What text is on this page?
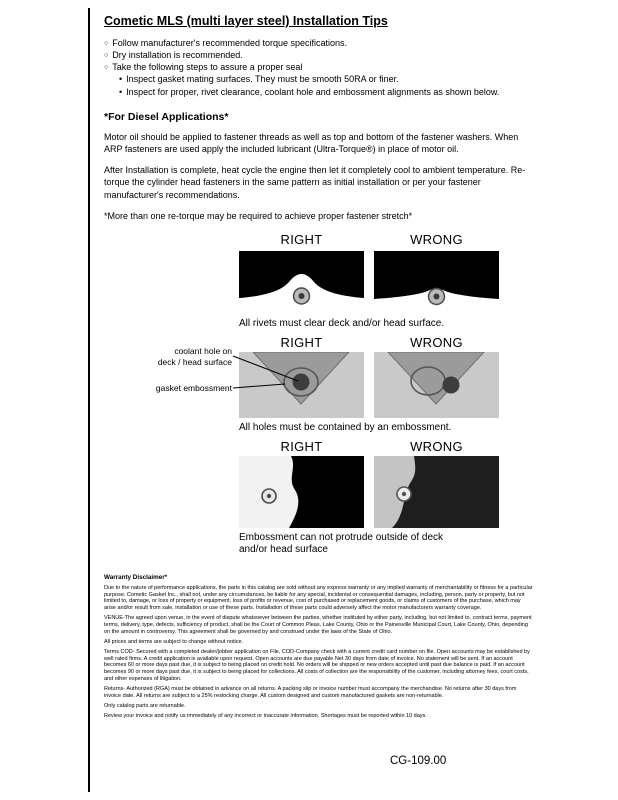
Cometic MLS (multi layer steel) Installation Tips
○ Follow manufacturer's recommended torque specifications.
○ Dry installation is recommended.
○ Take the following steps to assure a proper seal
• Inspect gasket mating surfaces. They must be smooth 50RA or finer.
• Inspect for proper, rivet clearance, coolant hole and embossment alignments as shown below.
*For Diesel Applications*

Motor oil should be applied to fastener threads as well as top and bottom of the fastener washers. When ARP fasteners are used apply the included lubricant (Ultra-Torque®) in place of motor oil.

After Installation is complete, heat cycle the engine then let it completely cool to ambient temperature. Re-torque the cylinder head fasteners in the same pattern as initial installation or per your fastener manufacturer's recommendations.

*More than one re-torque may be required to achieve proper fastener stretch*

RIGHT	WRONG
All rivets must clear deck and/or head surface.
RIGHT	WRONG
coolant hole on
deck / head surface
gasket embossment
All holes must be contained by an embossment.
RIGHT	WRONG
Embossment can not protrude outside of deck and/or head surface
Warranty Disclaimer*

Due to the nature of performance applications, the parts in this catalog are sold without any express warranty or any implied warranty of merchantability or fitness for a particular purpose. Cometic Gasket Inc., shall not, under any circumstances, be liable for any special, incidental or consequential damages, including, person, party or property, but not limited to, damage, or loss of property or equipment, loss of profits or revenue, cost of purchased or replacement goods, or claims of customers of the purchase, which may arise and/or result from sale, installation or use of these parts. Installation of these parts could adversely affect the motor manufacturers warranty coverage.

VENUE-The agreed upon venue, in the event of dispute whatsoever between the parties, whether instituted by either party, including, but not limited to, contract terms, payment terms, delivery, type, defects, sufficiency of product, shall be the Court of Common Pleas, Lake County, Ohio or the Painesville Municipal Court, Lake County, Ohio, depending on the amount in controversy. This agreement shall be governed by and construed under the laws of the State of Ohio.

All prices and terms are subject to change without notice.

Terms COD- Secured with a completed dealer/jobber application on File, COD-Company check with a current credit card number on file. Open accounts may be established by well rated firms. A credit application is available upon request. Open accounts are due payable Net 30 days from date of invoice. No statement will be sent. If an account becomes 60 or more days past due, it is subject to being placed on credit hold. No orders will be shipped or new orders accepted until past due balance is paid. If an account becomes 90 or more days past due, it is subject to being placed for collections. All costs of collection are the responsibility of the customer, including attorney fees, court costs, and other expenses of litigation.

Returns- Authorized (RGA) must be obtained in advance on all returns. A packing slip or invoice number must accompany the merchandise. No returns after 30 days from invoice date. All returns are subject to a 25% restocking charge. All custom designed and custom manufactured gaskets are non-returnable.

Only catalog parts are returnable.

Review your invoice and notify us immediately of any incorrect or inaccurate information. Shortages must be reported within 10 days.

CG-109.00
